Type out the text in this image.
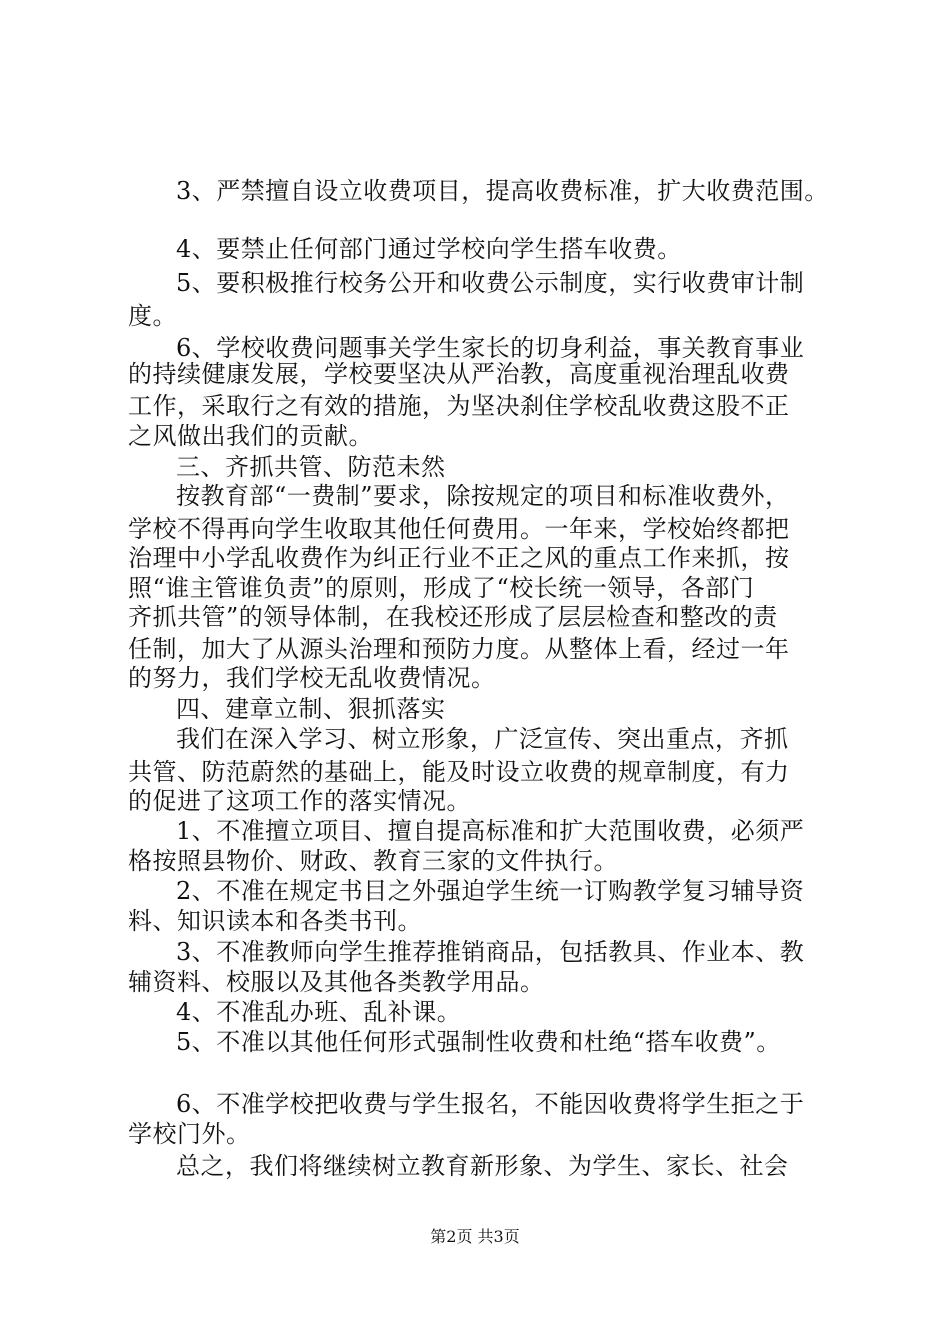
3、严禁擅自设立收费项目，提高收费标准，扩大收费范围。
4、要禁止任何部门通过学校向学生搭车收费。
5、要积极推行校务公开和收费公示制度，实行收费审计制
度。
6、学校收费问题事关学生家长的切身利益，事关教育事业
的持续健康发展，学校要坚决从严治教，高度重视治理乱收费
工作，采取行之有效的措施，为坚决刹住学校乱收费这股不正
之风做出我们的贡献。
三、齐抓共管、防范未然
按教育部“一费制”要求，除按规定的项目和标准收费外，
学校不得再向学生收取其他任何费用。一年来，学校始终都把
治理中小学乱收费作为纠正行业不正之风的重点工作来抓，按
照“谁主管谁负责”的原则，形成了“校长统一领导，各部门
齐抓共管”的领导体制，在我校还形成了层层检查和整改的责
任制，加大了从源头治理和预防力度。从整体上看，经过一年
的努力，我们学校无乱收费情况。
四、建章立制、狠抓落实
我们在深入学习、树立形象，广泛宣传、突出重点，齐抓
共管、防范蔚然的基础上，能及时设立收费的规章制度，有力
的促进了这项工作的落实情况。
1、不准擅立项目、擅自提高标准和扩大范围收费，必须严
格按照县物价、财政、教育三家的文件执行。
2、不准在规定书目之外强迫学生统一订购教学复习辅导资
料、知识读本和各类书刊。
3、不准教师向学生推荐推销商品，包括教具、作业本、教
辅资料、校服以及其他各类教学用品。
4、不准乱办班、乱补课。
5、不准以其他任何形式强制性收费和杜绝“搭车收费”。
6、不准学校把收费与学生报名，不能因收费将学生拒之于
学校门外。
总之，我们将继续树立教育新形象、为学生、家长、社会
第2页 共3页
